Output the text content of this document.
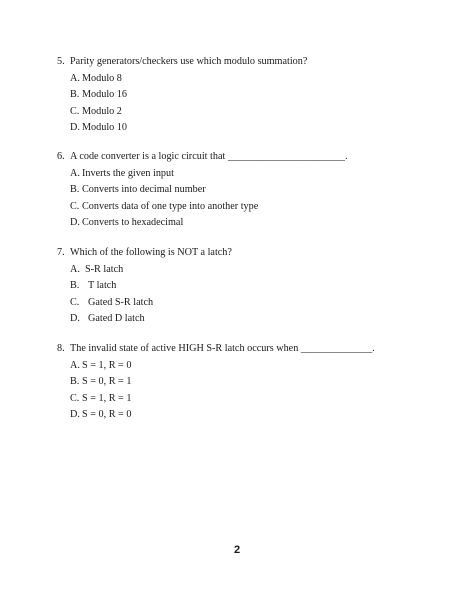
5. Parity generators/checkers use which modulo summation?
A. Modulo 8
B. Modulo 16
C. Modulo 2
D. Modulo 10
6. A code converter is a logic circuit that _______________________.
A. Inverts the given input
B. Converts into decimal number
C. Converts data of one type into another type
D. Converts to hexadecimal
7. Which of the following is NOT a latch?
A. S-R latch
B. T latch
C. Gated S-R latch
D. Gated D latch
8. The invalid state of active HIGH S-R latch occurs when ______________.
A. S = 1, R = 0
B. S = 0, R = 1
C. S = 1, R = 1
D. S = 0, R = 0
2
